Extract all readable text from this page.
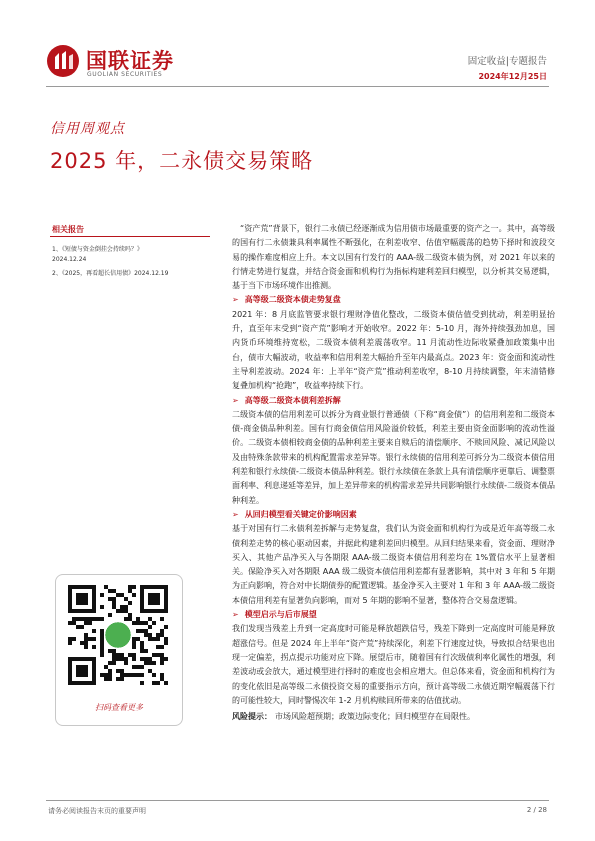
国联证券
GUOLIAN SECURITIES
固定收益|专题报告
2024年12月25日
信用周观点
2025 年，二永债交易策略
相关报告
1、《短债与资金倒挂会持续吗？》
2024.12.24
2、《2025，再看超长信用债》2024.12.19
扫码查看更多

“资产荒”背景下，银行二永债已经逐渐成为信用债市场最重要的资产之一。其中，高等级的国有行二永债兼具利率属性不断强化，在利差收窄、估值窄幅震荡的趋势下择时和波段交易的操作难度相应上升。本文以国有行发行的 AAA-级二级资本债为例，对 2021 年以来的行情走势进行复盘，并结合资金面和机构行为指标构建利差回归模型，以分析其交易逻辑，基于当下市场环境作出推测。

➢ 高等级二级资本债走势复盘

2021 年：8 月底监管要求银行理财净值化整改，二级资本债估值受到扰动，利差明显抬升，直至年末受到“资产荒”影响才开始收窄。2022 年：5-10 月，海外持续强劲加息，国内货币环境维持宽松，二级资本债利差震荡收窄。11 月流动性边际收紧叠加政策集中出台，债市大幅波动，收益率和信用利差大幅抬升至年内最高点。2023 年：资金面和流动性主导利差波动。2024 年：上半年“资产荒”推动利差收窄，8-10 月持续调整，年末清错修复叠加机构“抢跑”，收益率持续下行。

➢ 高等级二级资本债利差拆解

二级资本债的信用利差可以拆分为商业银行普通债（下称“商金债”）的信用利差和二级资本债-商金债品种利差。国有行商金债信用风险溢价较低，利差主要由资金面影响的流动性溢价。二级资本债相较商金债的品种利差主要来自赎后的清偿顺序、不赎回风险、减记风险以及由特殊条款带来的机构配置需求差异等。银行永续债的信用利差可拆分为二级资本债信用利差和银行永续债-二级资本债品种利差。银行永续债在条款上具有清偿顺序更靠后、调整票面利率、利息递延等差异，加上差异带来的机构需求差异共同影响银行永续债-二级资本债品种利差。

➢ 从回归模型看关键定价影响因素

基于对国有行二永债利差拆解与走势复盘，我们认为资金面和机构行为或是近年高等级二永债利差走势的核心驱动因素，并据此构建利差回归模型。从回归结果来看，资金面、理财净买入、其他产品净买入与各期限 AAA-级二级资本债信用利差均在 1%置信水平上显著相关。保险净买入对各期限 AAA 级二级资本债信用利差都有显著影响，其中对 3 年和 5 年期为正向影响，符合对中长期债券的配置逻辑。基金净买入主要对 1 年和 3 年 AAA-级二级资本债信用利差有显著负向影响，而对 5 年期的影响不显著，整体符合交易盘逻辑。

➢ 模型启示与后市展望

我们发现当残差上升到一定高度时可能是释放超跌信号，残差下降到一定高度时可能是释放超涨信号。但是 2024 年上半年“资产荒”持续深化，利差下行速度过快，导致拟合结果也出现一定偏差，拐点提示功能对应下降。展望后市，随着国有行次级债利率化属性的增强，利差波动或会放大，通过模型进行择时的难度也会相应增大。但总体来看，资金面和机构行为的变化依旧是高等级二永债投资交易的重要指示方向，预计高等级二永债近期窄幅震荡下行的可能性较大，同时警惕次年 1-2 月机构赎回所带来的估值扰动。

风险提示： 市场风险超预期；政策边际变化；回归模型存在局限性。
请务必阅读报告末页的重要声明	2 / 28
